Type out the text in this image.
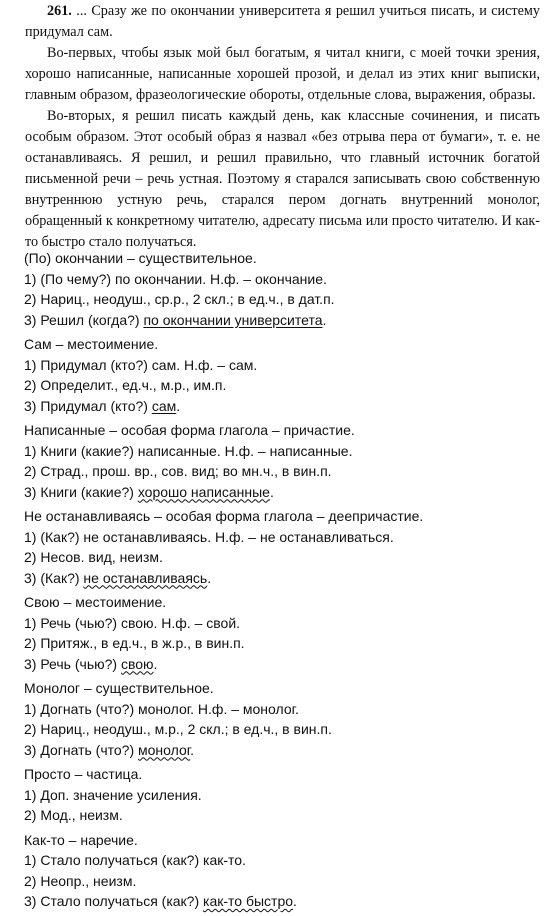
261. ... Сразу же по окончании университета я решил учиться писать, и систему придумал сам.

Во-первых, чтобы язык мой был богатым, я читал книги, с моей точки зрения, хорошо написанные, написанные хорошей прозой, и делал из этих книг выписки, главным образом, фразеологические обороты, отдельные слова, выражения, образы.

Во-вторых, я решил писать каждый день, как классные сочинения, и писать особым образом. Этот особый образ я назвал «без отрыва пера от бумаги», т. е. не останавливаясь. Я решил, и решил правильно, что главный источник богатой письменной речи – речь устная. Поэтому я старался записывать свою собственную внутреннюю устную речь, старался пером догнать внутренний монолог, обращенный к конкретному читателю, адресату письма или просто читателю. И как-то быстро стало получаться.

(По) окончании – существительное.
1) (По чему?) по окончании. Н.ф. – окончание.
2) Нариц., неодуш., ср.р., 2 скл.; в ед.ч., в дат.п.
3) Решил (когда?) по окончании университета.
Сам – местоимение.
1) Придумал (кто?) сам. Н.ф. – сам.
2) Определит., ед.ч., м.р., им.п.
3) Придумал (кто?) сам.
Написанные – особая форма глагола – причастие.
1) Книги (какие?) написанные. Н.ф. – написанные.
2) Страд., прош. вр., сов. вид; во мн.ч., в вин.п.
3) Книги (какие?) хорошо написанные.
Не останавливаясь – особая форма глагола – деепричастие.
1) (Как?) не останавливаясь. Н.ф. – не останавливаться.
2) Несов. вид, неизм.
3) (Как?) не останавливаясь.
Свою – местоимение.
1) Речь (чью?) свою. Н.ф. – свой.
2) Притяж., в ед.ч., в ж.р., в вин.п.
3) Речь (чью?) свою.
Монолог – существительное.
1) Догнать (что?) монолог. Н.ф. – монолог.
2) Нариц., неодуш., м.р., 2 скл.; в ед.ч., в вин.п.
3) Догнать (что?) монолог.
Просто – частица.
1) Доп. значение усиления.
2) Мод., неизм.
Как-то – наречие.
1) Стало получаться (как?) как-то.
2) Неопр., неизм.
3) Стало получаться (как?) как-то быстро.
